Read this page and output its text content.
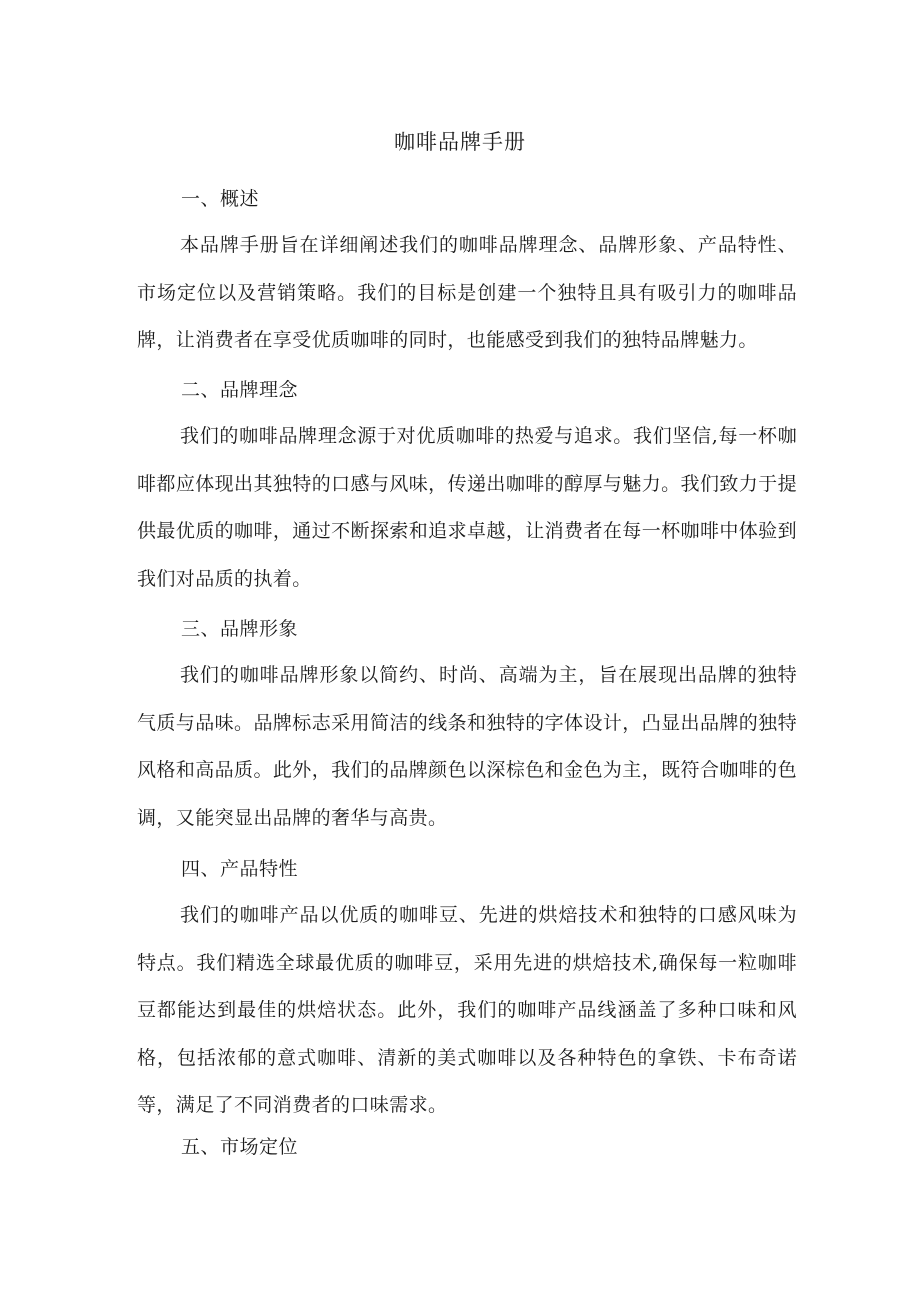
咖啡品牌手册
一、概述

本品牌手册旨在详细阐述我们的咖啡品牌理念、品牌形象、产品特性、市场定位以及营销策略。我们的目标是创建一个独特且具有吸引力的咖啡品牌，让消费者在享受优质咖啡的同时，也能感受到我们的独特品牌魅力。

二、品牌理念

我们的咖啡品牌理念源于对优质咖啡的热爱与追求。我们坚信,每一杯咖啡都应体现出其独特的口感与风味，传递出咖啡的醇厚与魅力。我们致力于提供最优质的咖啡，通过不断探索和追求卓越，让消费者在每一杯咖啡中体验到我们对品质的执着。

三、品牌形象

我们的咖啡品牌形象以简约、时尚、高端为主，旨在展现出品牌的独特气质与品味。品牌标志采用简洁的线条和独特的字体设计，凸显出品牌的独特风格和高品质。此外，我们的品牌颜色以深棕色和金色为主，既符合咖啡的色调，又能突显出品牌的奢华与高贵。

四、产品特性

我们的咖啡产品以优质的咖啡豆、先进的烘焙技术和独特的口感风味为特点。我们精选全球最优质的咖啡豆，采用先进的烘焙技术,确保每一粒咖啡豆都能达到最佳的烘焙状态。此外，我们的咖啡产品线涵盖了多种口味和风格，包括浓郁的意式咖啡、清新的美式咖啡以及各种特色的拿铁、卡布奇诺等，满足了不同消费者的口味需求。

五、市场定位
